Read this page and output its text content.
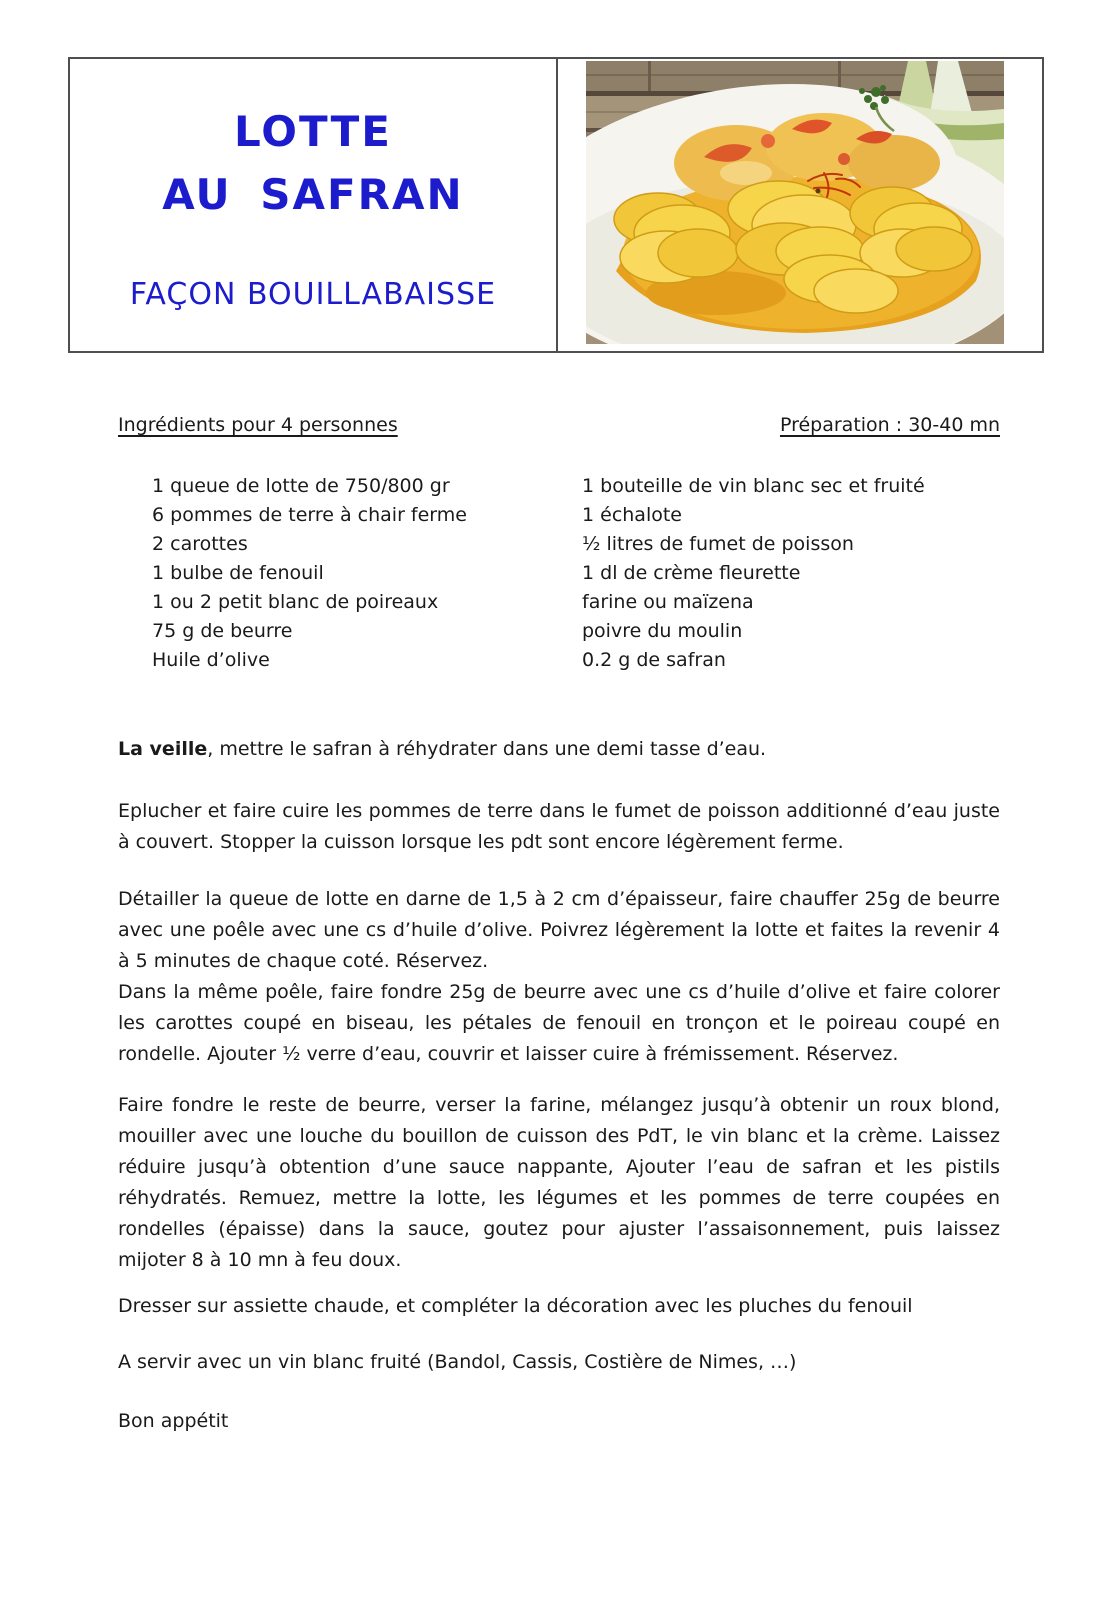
LOTTE
AU SAFRAN
FAÇON BOUILLABAISSE
Ingrédients pour 4 personnes	Préparation : 30-40 mn
1 queue de lotte de 750/800 gr
6 pommes de terre à chair ferme
2 carottes
1 bulbe de fenouil
1 ou 2 petit blanc de poireaux
75 g de beurre
Huile d’olive
1 bouteille de vin blanc sec et fruité
1 échalote
½ litres de fumet de poisson
1 dl de crème fleurette
farine ou maïzena
poivre du moulin
0.2 g de safran

La veille, mettre le safran à réhydrater dans une demi tasse d’eau.

Eplucher et faire cuire les pommes de terre dans le fumet de poisson additionné d’eau juste à couvert. Stopper la cuisson lorsque les pdt sont encore légèrement ferme.

Détailler la queue de lotte en darne de 1,5 à 2 cm d’épaisseur, faire chauffer 25g de beurre avec une poêle avec une cs d’huile d’olive. Poivrez légèrement la lotte et faites la revenir 4 à 5 minutes de chaque coté. Réservez.
Dans la même poêle, faire fondre 25g de beurre avec une cs d’huile d’olive et faire colorer les carottes coupé en biseau, les pétales de fenouil en tronçon et le poireau coupé en rondelle. Ajouter ½ verre d’eau, couvrir et laisser cuire à frémissement. Réservez.

Faire fondre le reste de beurre, verser la farine, mélangez jusqu’à obtenir un roux blond, mouiller avec une louche du bouillon de cuisson des PdT, le vin blanc et la crème. Laissez réduire jusqu’à obtention d’une sauce nappante, Ajouter l’eau de safran et les pistils réhydratés. Remuez, mettre la lotte, les légumes et les pommes de terre coupées en rondelles (épaisse) dans la sauce, goutez pour ajuster l’assaisonnement, puis laissez mijoter 8 à 10 mn à feu doux.

Dresser sur assiette chaude, et compléter la décoration avec les pluches du fenouil

A servir avec un vin blanc fruité (Bandol, Cassis, Costière de Nimes, …)

Bon appétit
